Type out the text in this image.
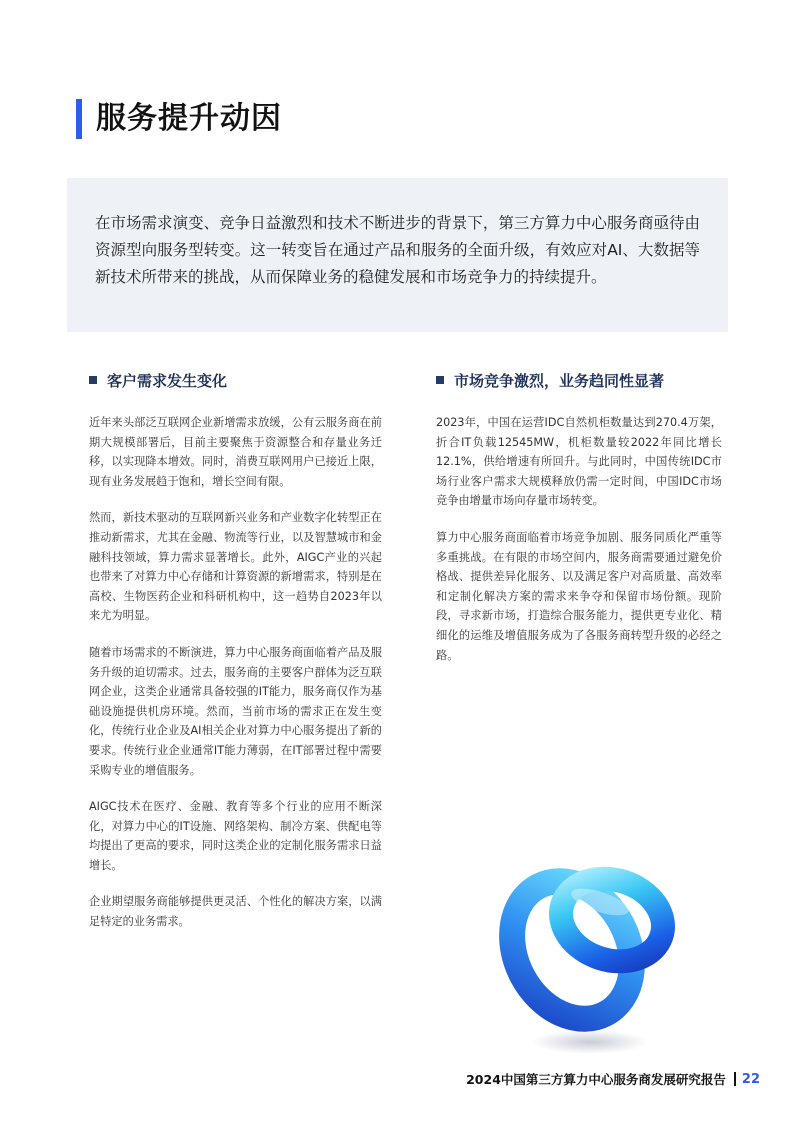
服务提升动因

在市场需求演变、竞争日益激烈和技术不断进步的背景下，第三方算力中心服务商亟待由资源型向服务型转变。这一转变旨在通过产品和服务的全面升级，有效应对AI、大数据等新技术所带来的挑战，从而保障业务的稳健发展和市场竞争力的持续提升。

客户需求发生变化

近年来头部泛互联网企业新增需求放缓，公有云服务商在前期大规模部署后，目前主要聚焦于资源整合和存量业务迁移，以实现降本增效。同时，消费互联网用户已接近上限，现有业务发展趋于饱和，增长空间有限。

然而，新技术驱动的互联网新兴业务和产业数字化转型正在推动新需求，尤其在金融、物流等行业，以及智慧城市和金融科技领域，算力需求显著增长。此外，AIGC产业的兴起也带来了对算力中心存储和计算资源的新增需求，特别是在高校、生物医药企业和科研机构中，这一趋势自2023年以来尤为明显。

随着市场需求的不断演进，算力中心服务商面临着产品及服务升级的迫切需求。过去，服务商的主要客户群体为泛互联网企业，这类企业通常具备较强的IT能力，服务商仅作为基础设施提供机房环境。然而，当前市场的需求正在发生变化，传统行业企业及AI相关企业对算力中心服务提出了新的要求。传统行业企业通常IT能力薄弱，在IT部署过程中需要采购专业的增值服务。

AIGC技术在医疗、金融、教育等多个行业的应用不断深化，对算力中心的IT设施、网络架构、制冷方案、供配电等均提出了更高的要求，同时这类企业的定制化服务需求日益增长。

企业期望服务商能够提供更灵活、个性化的解决方案，以满足特定的业务需求。

市场竞争激烈，业务趋同性显著

2023年，中国在运营IDC自然机柜数量达到270.4万架，折合IT负载12545MW，机柜数量较2022年同比增长12.1%，供给增速有所回升。与此同时，中国传统IDC市场行业客户需求大规模释放仍需一定时间，中国IDC市场竞争由增量市场向存量市场转变。

算力中心服务商面临着市场竞争加剧、服务同质化严重等多重挑战。在有限的市场空间内，服务商需要通过避免价格战、提供差异化服务、以及满足客户对高质量、高效率和定制化解决方案的需求来争夺和保留市场份额。现阶段，寻求新市场，打造综合服务能力，提供更专业化、精细化的运维及增值服务成为了各服务商转型升级的必经之路。

2024中国第三方算力中心服务商发展研究报告 22
